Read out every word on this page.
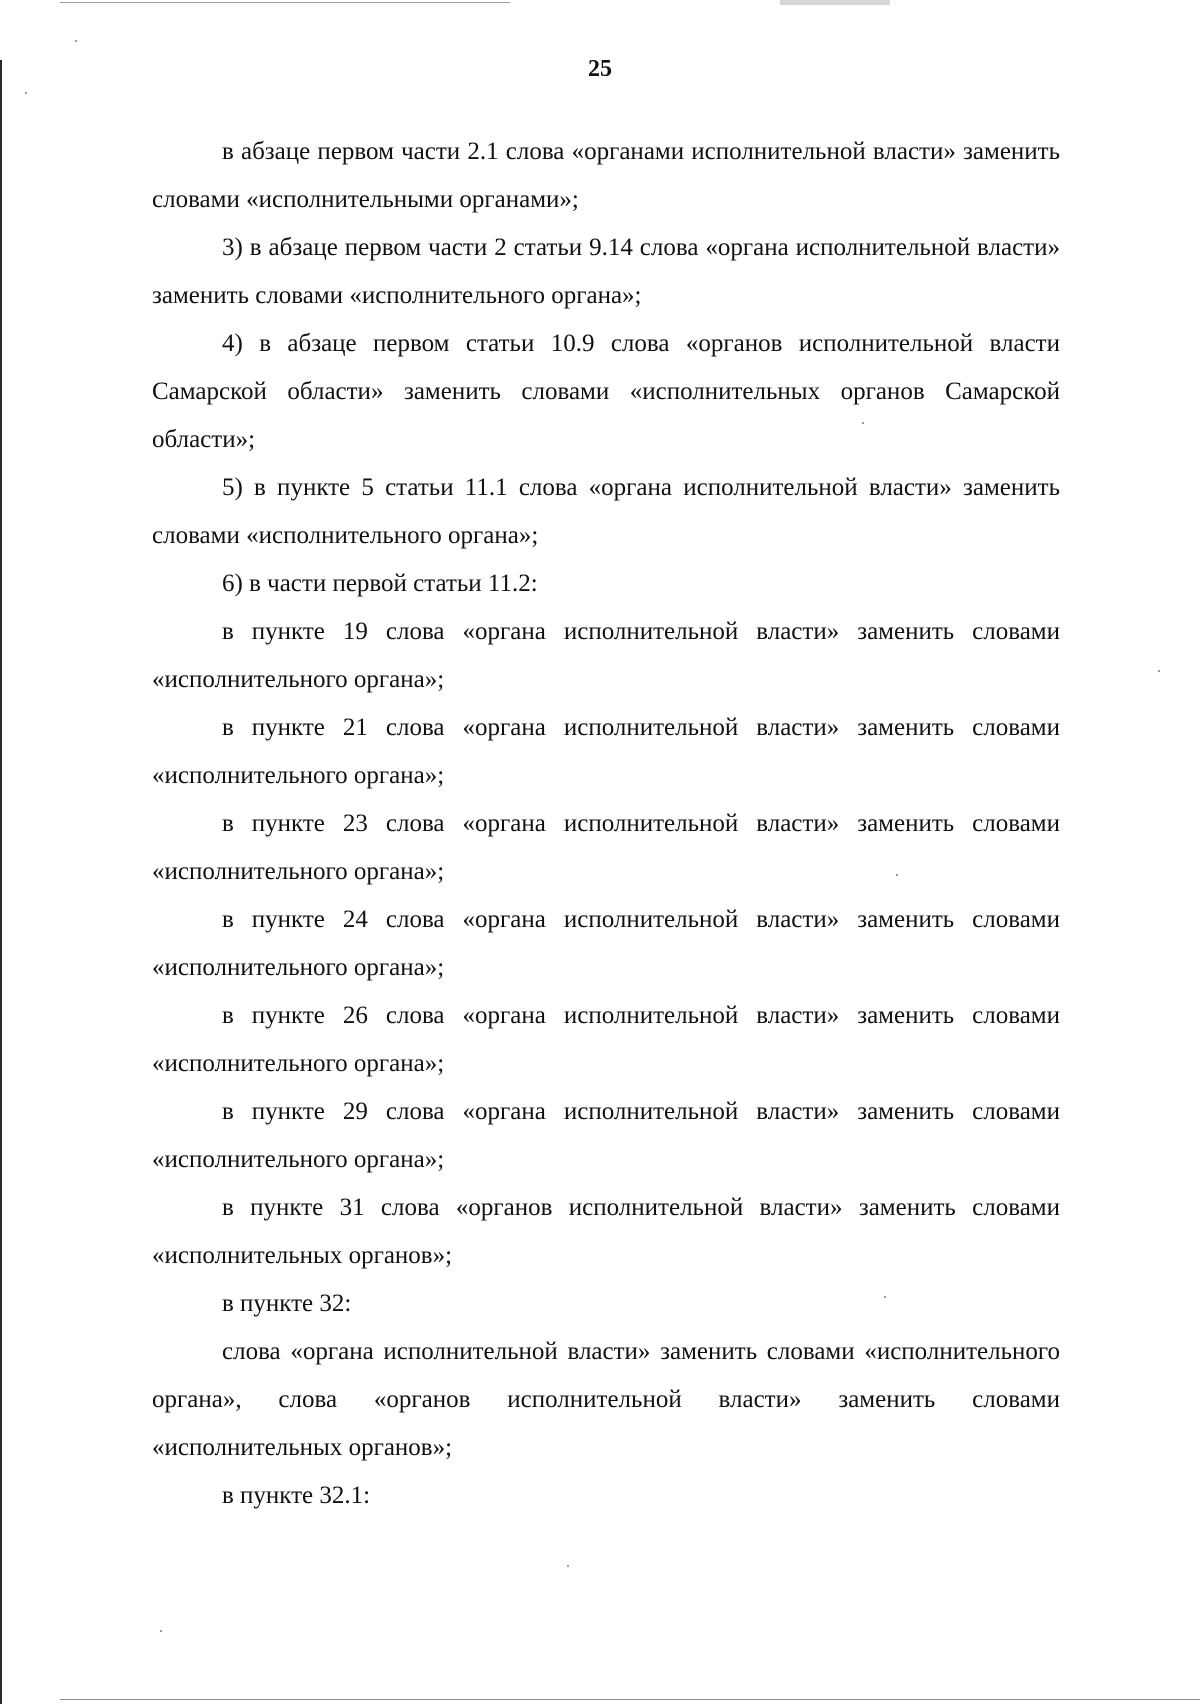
25

в абзаце первом части 2.1 слова «органами исполнительной власти» заменить словами «исполнительными органами»;

3) в абзаце первом части 2 статьи 9.14 слова «органа исполнительной власти» заменить словами «исполнительного органа»;

4) в абзаце первом статьи 10.9 слова «органов исполнительной власти Самарской области» заменить словами «исполнительных органов Самарской области»;

5) в пункте 5 статьи 11.1 слова «органа исполнительной власти» заменить словами «исполнительного органа»;

6) в части первой статьи 11.2:

в пункте 19 слова «органа исполнительной власти» заменить словами «исполнительного органа»;

в пункте 21 слова «органа исполнительной власти» заменить словами «исполнительного органа»;

в пункте 23 слова «органа исполнительной власти» заменить словами «исполнительного органа»;

в пункте 24 слова «органа исполнительной власти» заменить словами «исполнительного органа»;

в пункте 26 слова «органа исполнительной власти» заменить словами «исполнительного органа»;

в пункте 29 слова «органа исполнительной власти» заменить словами «исполнительного органа»;

в пункте 31 слова «органов исполнительной власти» заменить словами «исполнительных органов»;

в пункте 32:

слова «органа исполнительной власти» заменить словами «исполнительного органа», слова «органов исполнительной власти» заменить словами «исполнительных органов»;

в пункте 32.1:
